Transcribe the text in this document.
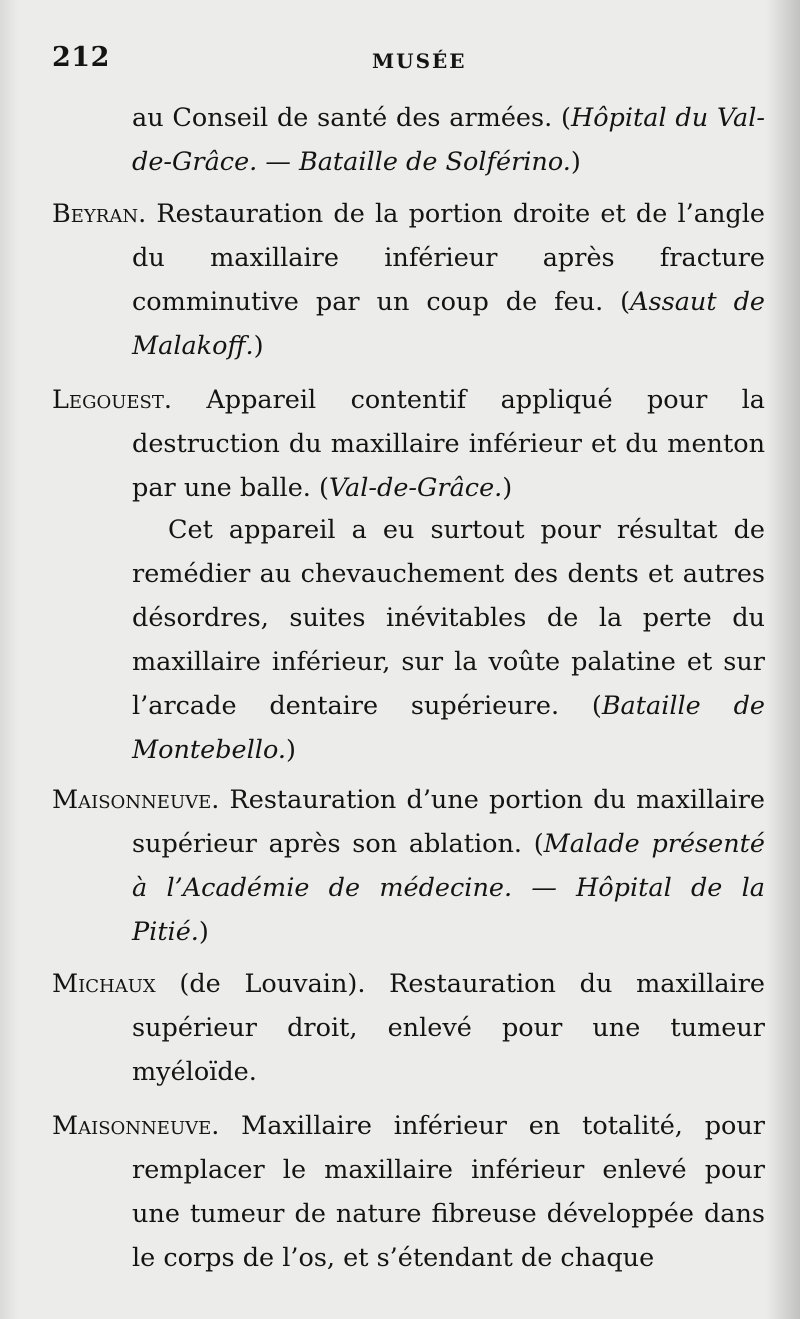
212	MUSÉE
au Conseil de santé des armées. (Hôpital du Val-de-Grâce. — Bataille de Solférino.)
Beyran. Restauration de la portion droite et de l’angle du maxillaire inférieur après fracture comminutive par un coup de feu. (Assaut de Malakoff.)
Legouest. Appareil contentif appliqué pour la destruction du maxillaire inférieur et du menton par une balle. (Val-de-Grâce.)
Cet appareil a eu surtout pour résultat de remédier au chevauchement des dents et autres désordres, suites inévitables de la perte du maxillaire inférieur, sur la voûte palatine et sur l’arcade dentaire supérieure. (Bataille de Montebello.)
Maisonneuve. Restauration d’une portion du maxillaire supérieur après son ablation. (Malade présenté à l’Académie de médecine. — Hôpital de la Pitié.)
Michaux (de Louvain). Restauration du maxillaire supérieur droit, enlevé pour une tumeur myéloïde.
Maisonneuve. Maxillaire inférieur en totalité, pour remplacer le maxillaire inférieur enlevé pour une tumeur de nature fibreuse développée dans le corps de l’os, et s’étendant de chaque
